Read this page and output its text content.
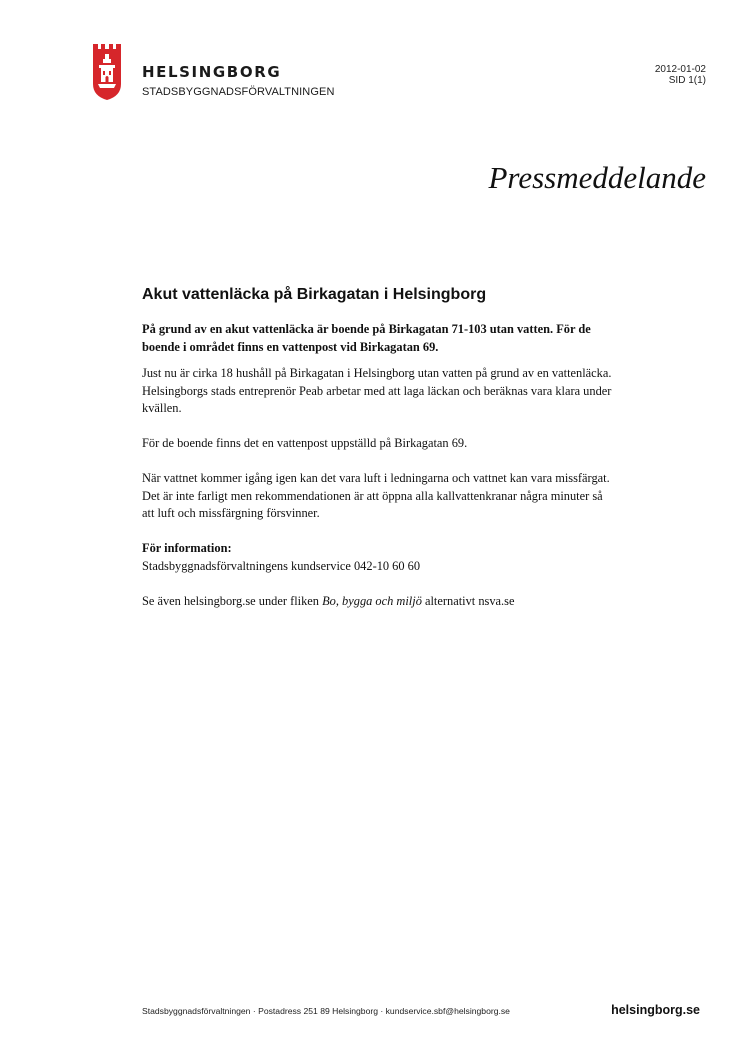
HELSINGBORG
STADSBYGGNADSFÖRVALTNINGEN
2012-01-02
SID 1(1)
Pressmeddelande
Akut vattenläcka på Birkagatan i Helsingborg

På grund av en akut vattenläcka är boende på Birkagatan 71-103 utan vatten. För de boende i området finns en vattenpost vid Birkagatan 69.

Just nu är cirka 18 hushåll på Birkagatan i Helsingborg utan vatten på grund av en vattenläcka. Helsingborgs stads entreprenör Peab arbetar med att laga läckan och beräknas vara klara under kvällen.

För de boende finns det en vattenpost uppställd på Birkagatan 69.

När vattnet kommer igång igen kan det vara luft i ledningarna och vattnet kan vara missfärgat. Det är inte farligt men rekommendationen är att öppna alla kallvattenkranar några minuter så att luft och missfärgning försvinner.

För information:
Stadsbyggnadsförvaltningens kundservice 042-10 60 60

Se även helsingborg.se under fliken Bo, bygga och miljö alternativt nsva.se

Stadsbyggnadsförvaltningen · Postadress 251 89 Helsingborg · kundservice.sbf@helsingborg.se	helsingborg.se
